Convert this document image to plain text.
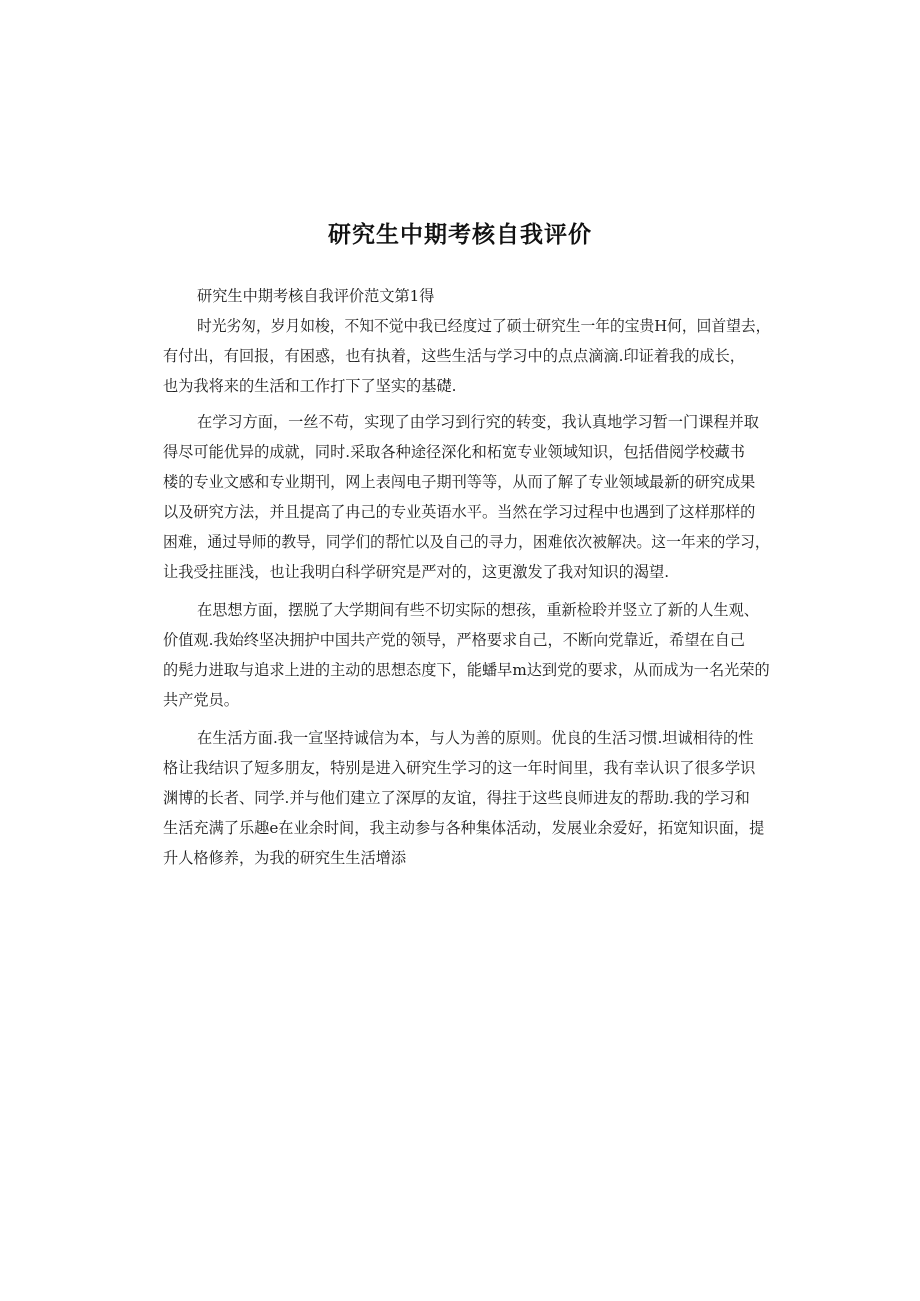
研究生中期考核自我评价
研究生中期考核自我评价范文第1得
时光劣匆，岁月如梭，不知不觉中我已经度过了硕士研究生一年的宝贵H何，回首望去，
有付出，有回报，有困惑，也有执着，这些生活与学习中的点点滴滴.印证着我的成长，
也为我将来的生活和工作打下了坚实的基礎.
在学习方面，一丝不苟，实现了由学习到行究的转变，我认真地学习暂一门课程并取
得尽可能优异的成就，同时.采取各种途径深化和柘宽专业领域知识，包括借阅学校藏书
楼的专业文感和专业期刊，网上表闯电子期刊等等，从而了解了专业领域最新的研究成果
以及研究方法，并且提高了冉己的专业英语水平。当然在学习过程中也遇到了这样那样的
困难，通过导师的教导，同学们的帮忙以及自己的寻力，困难依次被解决。这一年来的学习，
让我受拄匪浅，也让我明白科学研究是严对的，这更激发了我对知识的渴望.
在思想方面，摆脱了大学期间有些不切实际的想孩，重新检聆并竖立了新的人生观、
价值观.我始终坚决拥护中国共产党的领导，严格要求自己，不断向党靠近，希望在自己
的髡力进取与追求上进的主动的思想态度下，能蟠早m达到党的要求，从而成为一名光荣的
共产党员。
在生活方面.我一宣坚持诚信为本，与人为善的原则。优良的生活习惯.坦诚相待的性
格让我结识了短多朋友，特别是进入研究生学习的这一年时间里，我有幸认识了很多学识
渊博的长者、同学.并与他们建立了深厚的友谊，得拄于这些良师进友的帮助.我的学习和
生活充满了乐趣e在业余时间，我主动参与各种集体活动，发展业余爱好，拓宽知识面，提
升人格修养，为我的研究生生活增添
